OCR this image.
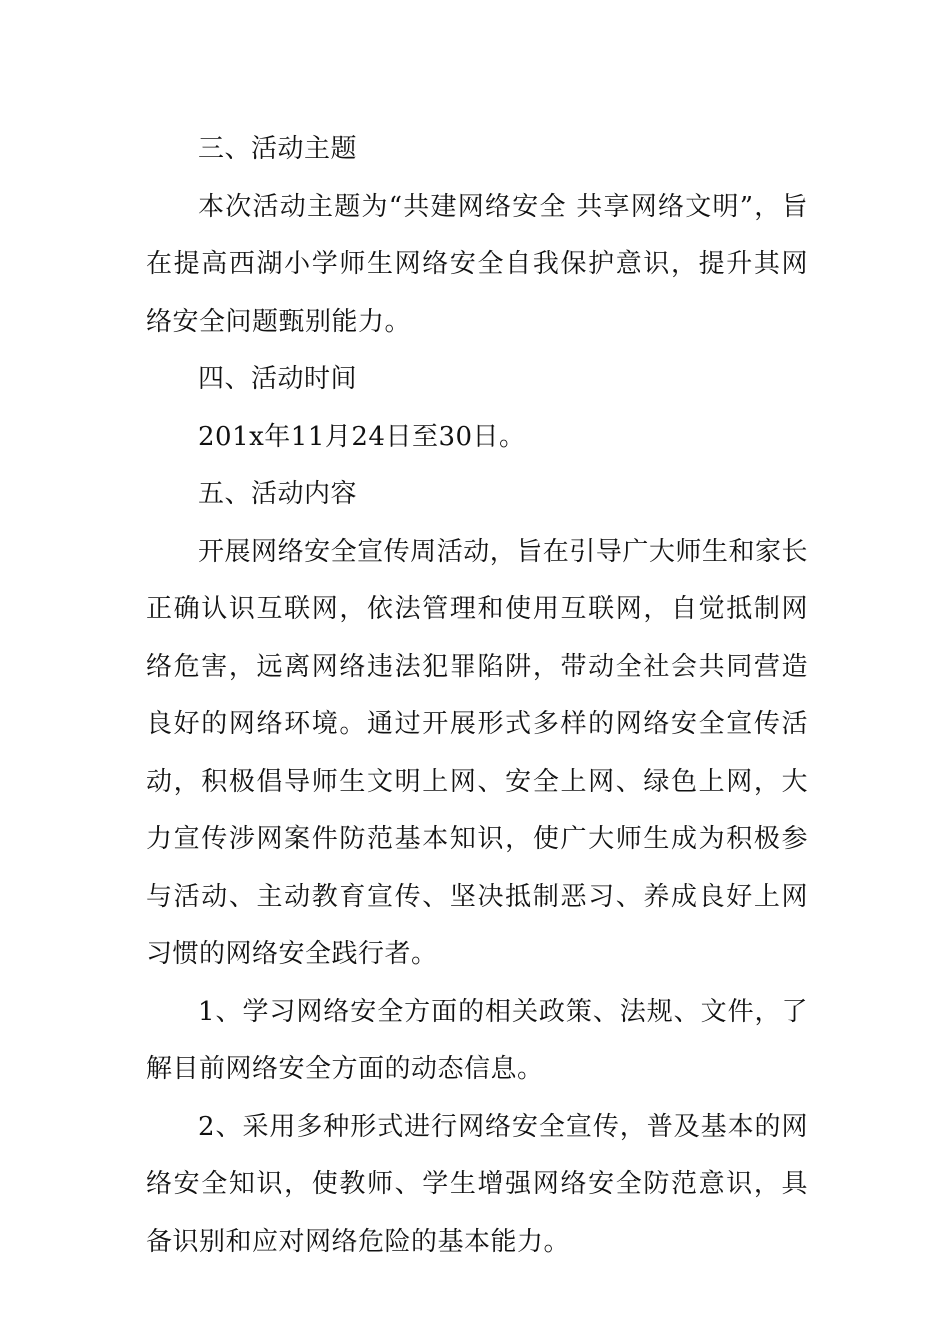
三、活动主题

本次活动主题为“共建网络安全 共享网络文明”，旨在提高西湖小学师生网络安全自我保护意识，提升其网络安全问题甄别能力。

四、活动时间

201x年11月24日至30日。

五、活动内容

开展网络安全宣传周活动，旨在引导广大师生和家长正确认识互联网，依法管理和使用互联网，自觉抵制网络危害，远离网络违法犯罪陷阱，带动全社会共同营造良好的网络环境。通过开展形式多样的网络安全宣传活动，积极倡导师生文明上网、安全上网、绿色上网，大力宣传涉网案件防范基本知识，使广大师生成为积极参与活动、主动教育宣传、坚决抵制恶习、养成良好上网习惯的网络安全践行者。

1、学习网络安全方面的相关政策、法规、文件，了解目前网络安全方面的动态信息。

2、采用多种形式进行网络安全宣传，普及基本的网络安全知识，使教师、学生增强网络安全防范意识，具备识别和应对网络危险的基本能力。
